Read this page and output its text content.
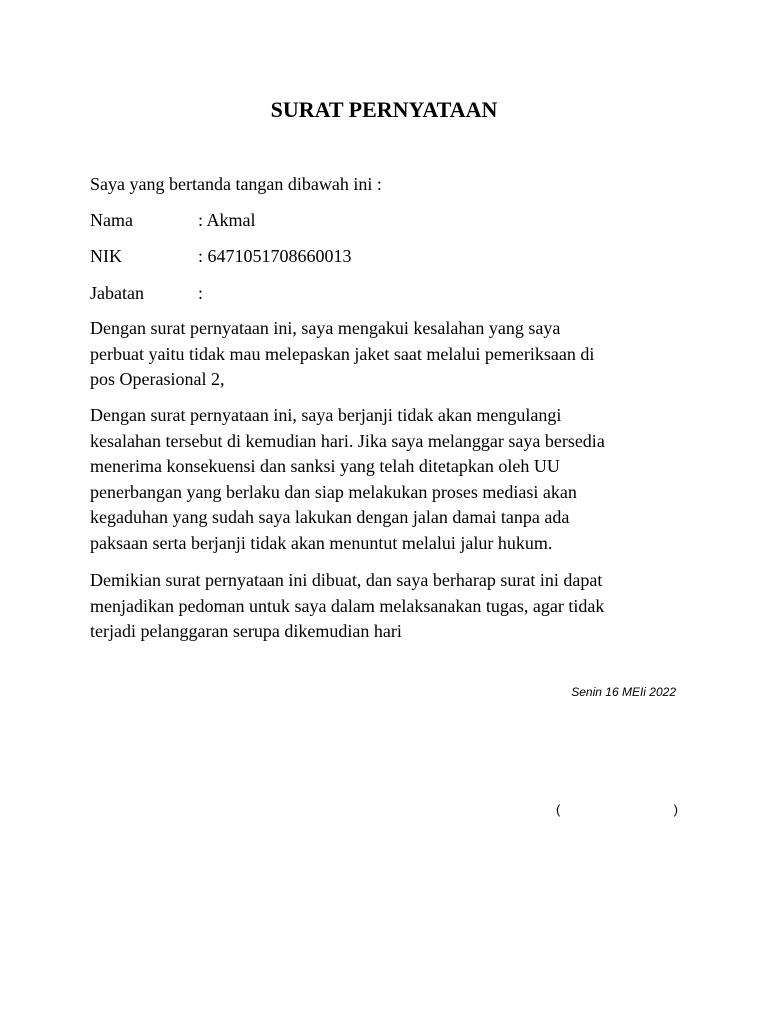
SURAT PERNYATAAN
Saya yang bertanda tangan dibawah ini :
Nama	: Akmal
NIK	: 6471051708660013
Jabatan	:
Dengan surat pernyataan ini, saya mengakui kesalahan yang saya
perbuat yaitu tidak mau melepaskan jaket saat melalui pemeriksaan di
pos Operasional 2,
Dengan surat pernyataan ini, saya berjanji tidak akan mengulangi
kesalahan tersebut di kemudian hari. Jika saya melanggar saya bersedia
menerima konsekuensi dan sanksi yang telah ditetapkan oleh UU
penerbangan yang berlaku dan siap melakukan proses mediasi akan
kegaduhan yang sudah saya lakukan dengan jalan damai tanpa ada
paksaan serta berjanji tidak akan menuntut melalui jalur hukum.
Demikian surat pernyataan ini dibuat, dan saya berharap surat ini dapat
menjadikan pedoman untuk saya dalam melaksanakan tugas, agar tidak
terjadi pelanggaran serupa dikemudian hari
Senin 16 MEIi 2022
(	)
